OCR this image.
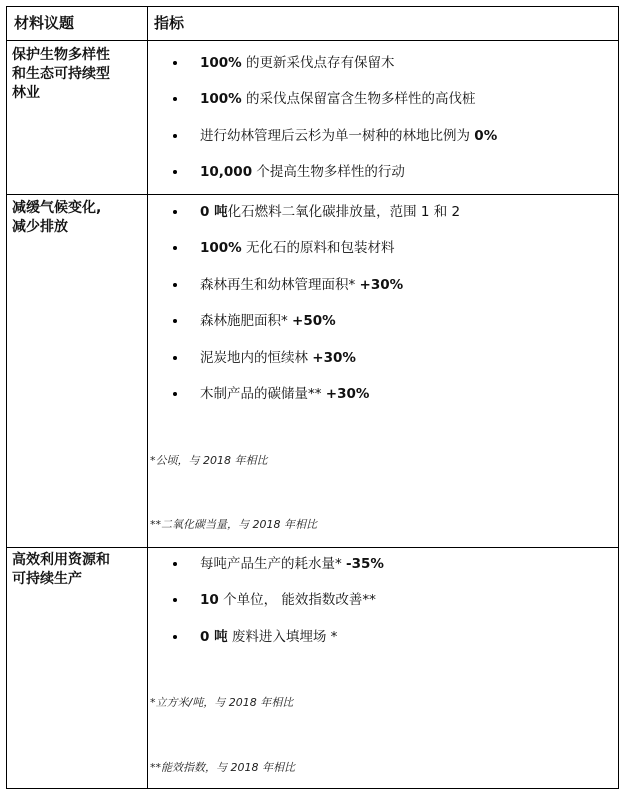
材料议题	指标
保护生物多样性
和生态可持续型
林业
100% 的更新采伐点存有保留木
100% 的采伐点保留富含生物多样性的高伐桩
进行幼林管理后云杉为单一树种的林地比例为 0%
10,000 个提高生物多样性的行动
减缓气候变化,
减少排放
0 吨化石燃料二氧化碳排放量，范围 1 和 2
100% 无化石的原料和包装材料
森林再生和幼林管理面积* +30%
森林施肥面积* +50%
泥炭地内的恒续林 +30%
木制产品的碳储量** +30%
*公顷，与 2018 年相比
**二氧化碳当量，与 2018 年相比
高效利用资源和
可持续生产
每吨产品生产的耗水量* -35%
10 个单位， 能效指数改善**
0 吨 废料进入填埋场 *
*立方米/吨，与 2018 年相比
**能效指数，与 2018 年相比
